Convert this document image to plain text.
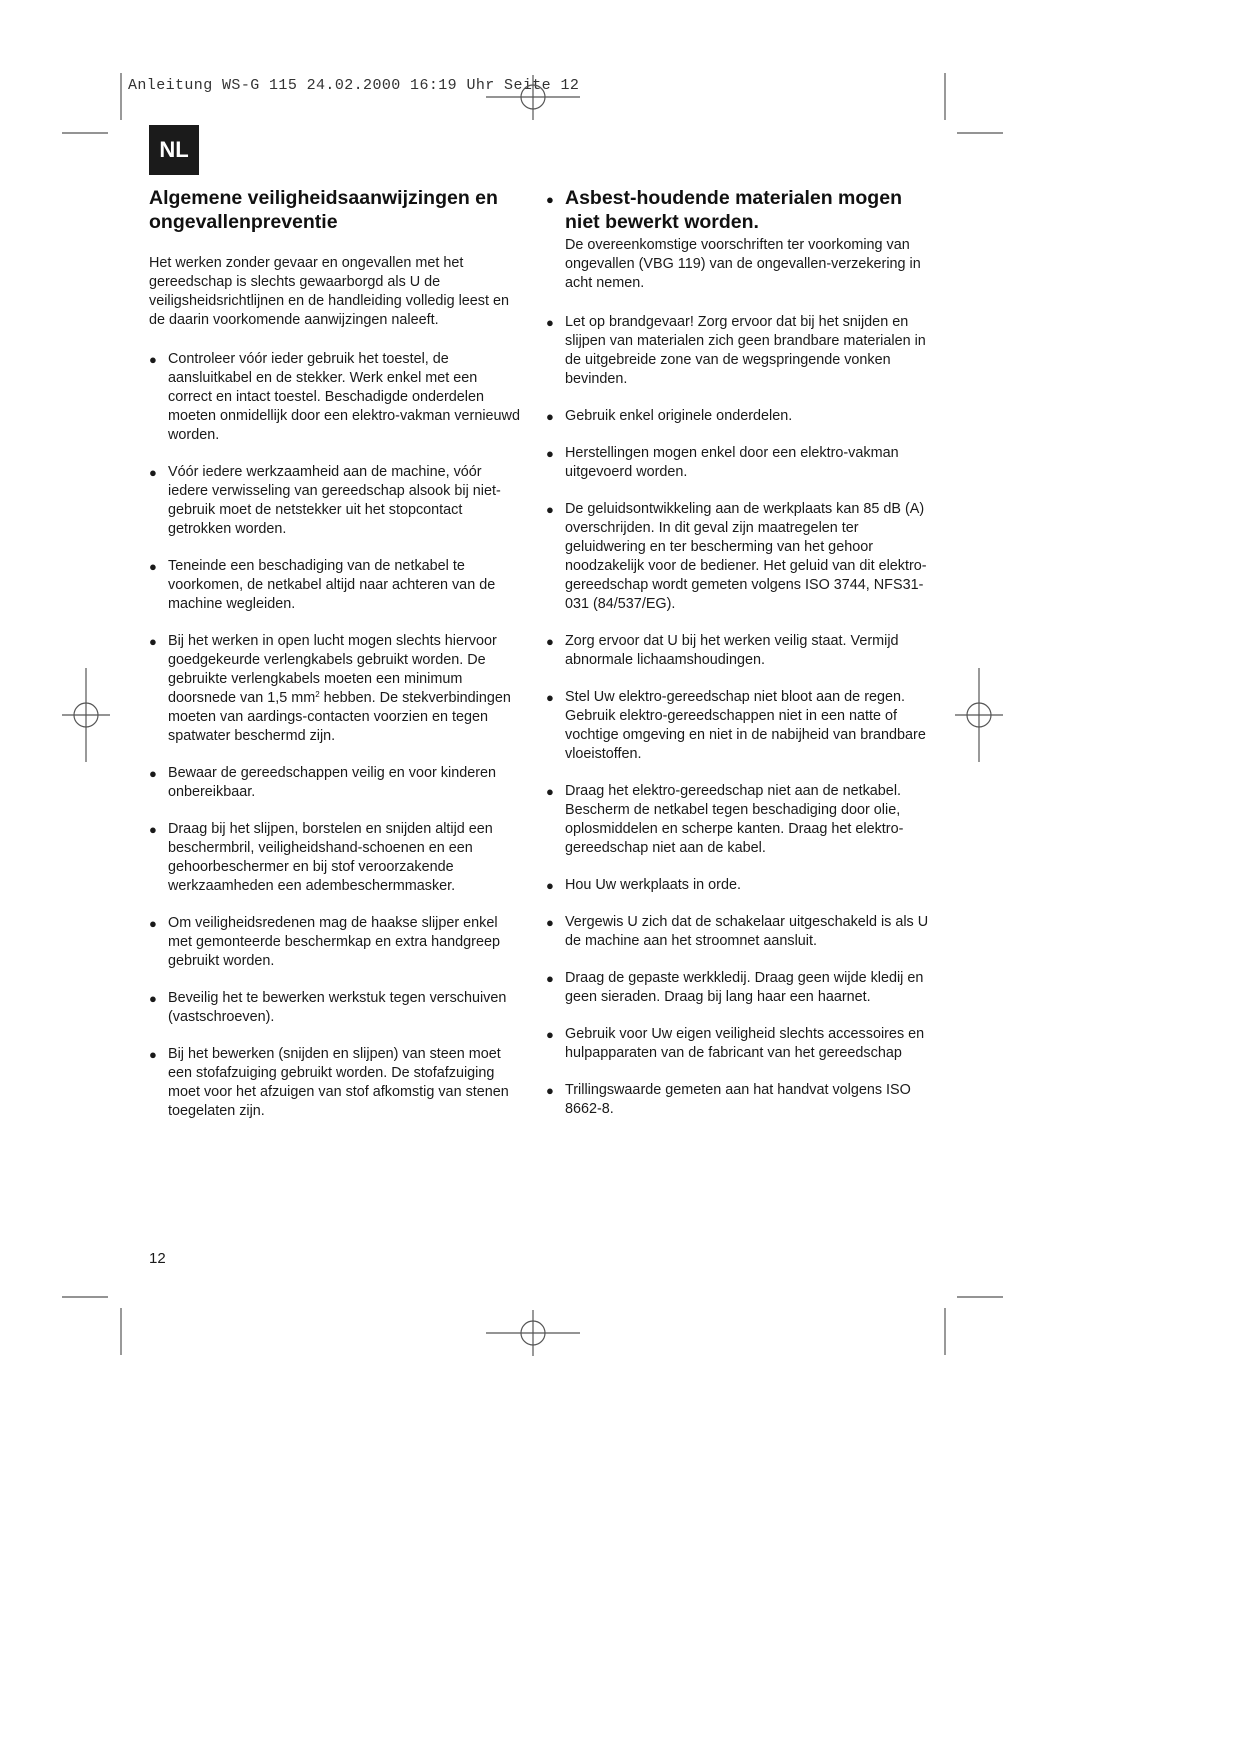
Anleitung WS-G 115 24.02.2000 16:19 Uhr Seite 12
NL
Algemene veiligheidsaanwijzingen en ongevallenpreventie

Het werken zonder gevaar en ongevallen met het gereedschap is slechts gewaarborgd als U de veiligsheidsrichtlijnen en de handleiding volledig leest en de daarin voorkomende aanwijzingen naleeft.

● Controleer vóór ieder gebruik het toestel, de aansluitkabel en de stekker. Werk enkel met een correct en intact toestel. Beschadigde onderdelen moeten onmidellijk door een elektro-vakman vernieuwd worden.
● Vóór iedere werkzaamheid aan de machine, vóór iedere verwisseling van gereedschap alsook bij niet-gebruik moet de netstekker uit het stopcontact getrokken worden.
● Teneinde een beschadiging van de netkabel te voorkomen, de netkabel altijd naar achteren van de machine wegleiden.
● Bij het werken in open lucht mogen slechts hiervoor goedgekeurde verlengkabels gebruikt worden. De gebruikte verlengkabels moeten een minimum doorsnede van 1,5 $mm^2$ hebben. De stekverbindingen moeten van aardings-contacten voorzien en tegen spatwater beschermd zijn.
● Bewaar de gereedschappen veilig en voor kinderen onbereikbaar.
● Draag bij het slijpen, borstelen en snijden altijd een beschermbril, veiligheidshand-schoenen en een gehoorbeschermer en bij stof veroorzakende werkzaamheden een adembeschermmasker.
● Om veiligheidsredenen mag de haakse slijper enkel met gemonteerde beschermkap en extra handgreep gebruikt worden.
● Beveilig het te bewerken werkstuk tegen verschuiven (vastschroeven).
● Bij het bewerken (snijden en slijpen) van steen moet een stofafzuiging gebruikt worden. De stofafzuiging moet voor het afzuigen van stof afkomstig van stenen toegelaten zijn.
● Asbest-houdende materialen mogen niet bewerkt worden.

De overeenkomstige voorschriften ter voorkoming van ongevallen (VBG 119) van de ongevallen-verzekering in acht nemen.

● Let op brandgevaar! Zorg ervoor dat bij het snijden en slijpen van materialen zich geen brandbare materialen in de uitgebreide zone van de wegspringende vonken bevinden.
● Gebruik enkel originele onderdelen.
● Herstellingen mogen enkel door een elektro-vakman uitgevoerd worden.
● De geluidsontwikkeling aan de werkplaats kan 85 dB (A) overschrijden. In dit geval zijn maatregelen ter geluidwering en ter bescherming van het gehoor noodzakelijk voor de bediener. Het geluid van dit elektro-gereedschap wordt gemeten volgens ISO 3744, NFS31-031 (84/537/EG).
● Zorg ervoor dat U bij het werken veilig staat. Vermijd abnormale lichaamshoudingen.
● Stel Uw elektro-gereedschap niet bloot aan de regen. Gebruik elektro-gereedschappen niet in een natte of vochtige omgeving en niet in de nabijheid van brandbare vloeistoffen.
● Draag het elektro-gereedschap niet aan de netkabel. Bescherm de netkabel tegen beschadiging door olie, oplosmiddelen en scherpe kanten. Draag het elektro-gereedschap niet aan de kabel.
● Hou Uw werkplaats in orde.
● Vergewis U zich dat de schakelaar uitgeschakeld is als U de machine aan het stroomnet aansluit.
● Draag de gepaste werkkledij. Draag geen wijde kledij en geen sieraden. Draag bij lang haar een haarnet.
● Gebruik voor Uw eigen veiligheid slechts accessoires en hulpapparaten van de fabricant van het gereedschap
● Trillingswaarde gemeten aan hat handvat volgens ISO 8662-8.
12
